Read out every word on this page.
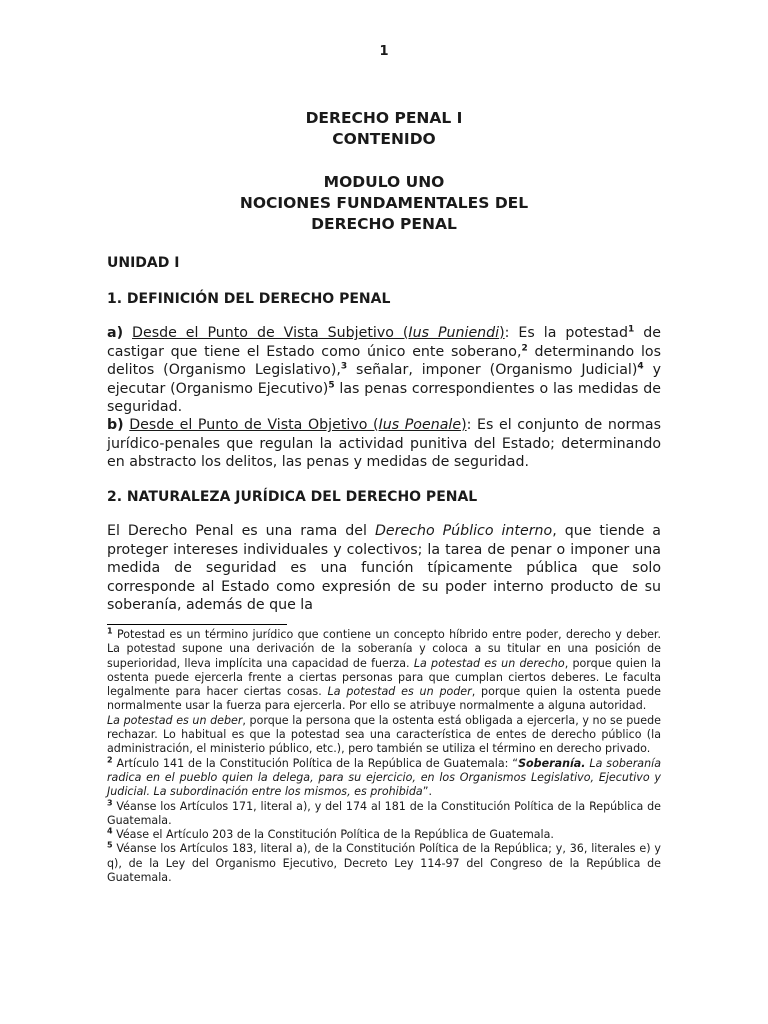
1
DERECHO PENAL I
CONTENIDO
MODULO UNO
NOCIONES FUNDAMENTALES DEL
DERECHO PENAL
UNIDAD I
1. DEFINICIÓN DEL DERECHO PENAL
a) Desde el Punto de Vista Subjetivo (Ius Puniendi): Es la potestad$^1$ de castigar que tiene el Estado como único ente soberano,$^2$ determinando los delitos (Organismo Legislativo),$^3$ señalar, imponer (Organismo Judicial)$^4$ y ejecutar (Organismo Ejecutivo)$^5$ las penas correspondientes o las medidas de seguridad.
b) Desde el Punto de Vista Objetivo (Ius Poenale): Es el conjunto de normas jurídico-penales que regulan la actividad punitiva del Estado; determinando en abstracto los delitos, las penas y medidas de seguridad.
2. NATURALEZA JURÍDICA DEL DERECHO PENAL
El Derecho Penal es una rama del Derecho Público interno, que tiende a proteger intereses individuales y colectivos; la tarea de penar o imponer una medida de seguridad es una función típicamente pública que solo corresponde al Estado como expresión de su poder interno producto de su soberanía, además de que la

$^1$ Potestad es un término jurídico que contiene un concepto híbrido entre poder, derecho y deber. La potestad supone una derivación de la soberanía y coloca a su titular en una posición de superioridad, lleva implícita una capacidad de fuerza. La potestad es un derecho, porque quien la ostenta puede ejercerla frente a ciertas personas para que cumplan ciertos deberes. Le faculta legalmente para hacer ciertas cosas. La potestad es un poder, porque quien la ostenta puede normalmente usar la fuerza para ejercerla. Por ello se atribuye normalmente a alguna autoridad.
La potestad es un deber, porque la persona que la ostenta está obligada a ejercerla, y no se puede rechazar. Lo habitual es que la potestad sea una característica de entes de derecho público (la administración, el ministerio público, etc.), pero también se utiliza el término en derecho privado.

$^2$ Artículo 141 de la Constitución Política de la República de Guatemala: “Soberanía. La soberanía radica en el pueblo quien la delega, para su ejercicio, en los Organismos Legislativo, Ejecutivo y Judicial. La subordinación entre los mismos, es prohibida”.

$^3$ Véanse los Artículos 171, literal a), y del 174 al 181 de la Constitución Política de la República de Guatemala.

$^4$ Véase el Artículo 203 de la Constitución Política de la República de Guatemala.

$^5$ Véanse los Artículos 183, literal a), de la Constitución Política de la República; y, 36, literales e) y q), de la Ley del Organismo Ejecutivo, Decreto Ley 114-97 del Congreso de la República de Guatemala.
